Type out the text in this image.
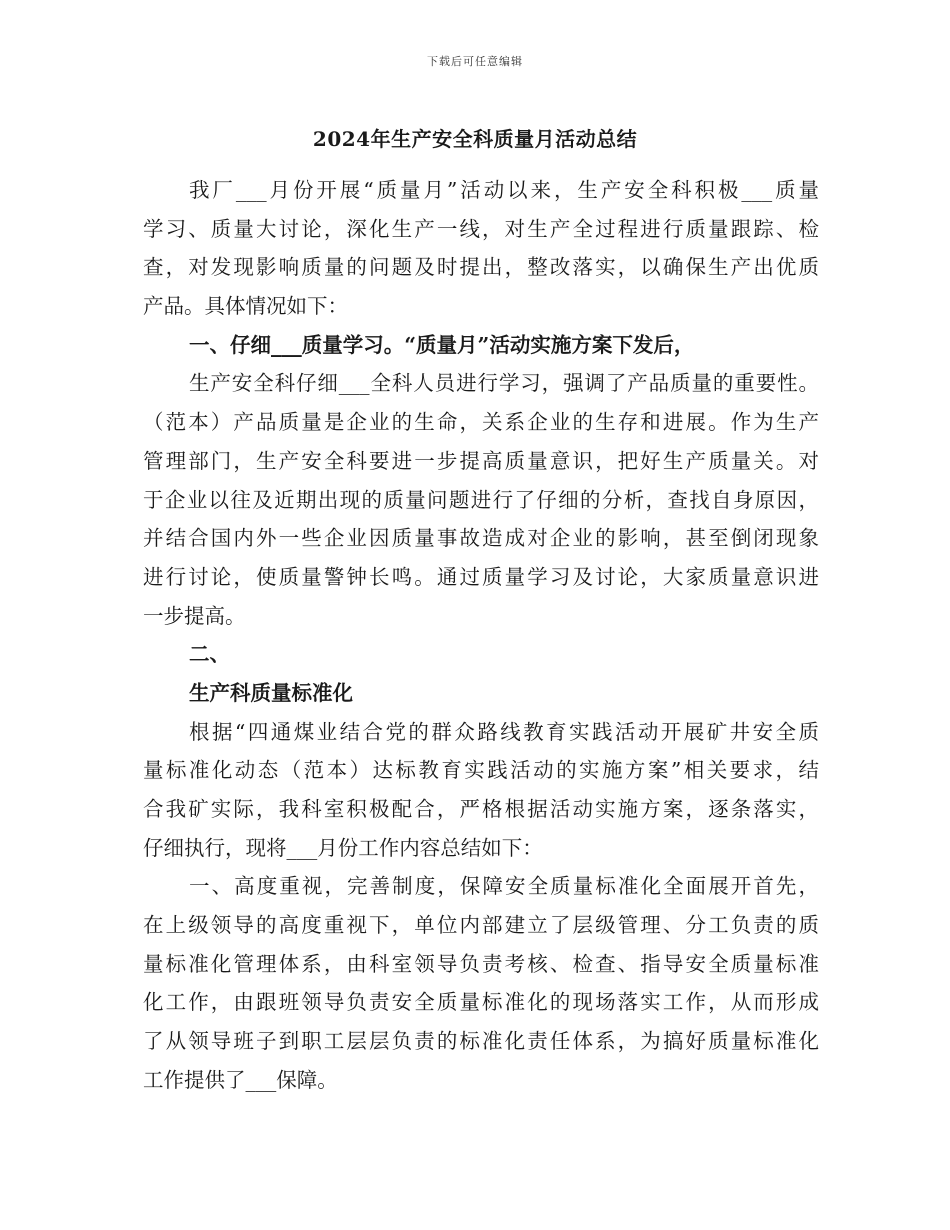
下载后可任意编辑
2024年生产安全科质量月活动总结
我厂___月份开展“质量月”活动以来，生产安全科积极___质量
学习、质量大讨论，深化生产一线，对生产全过程进行质量跟踪、检
查，对发现影响质量的问题及时提出，整改落实，以确保生产出优质
产品。具体情况如下：
一、仔细___质量学习。“质量月”活动实施方案下发后，
生产安全科仔细___全科人员进行学习，强调了产品质量的重要性。
（范本）产品质量是企业的生命，关系企业的生存和进展。作为生产
管理部门，生产安全科要进一步提高质量意识，把好生产质量关。对
于企业以往及近期出现的质量问题进行了仔细的分析，查找自身原因，
并结合国内外一些企业因质量事故造成对企业的影响，甚至倒闭现象
进行讨论，使质量警钟长鸣。通过质量学习及讨论，大家质量意识进
一步提高。
二、
生产科质量标准化
根据“四通煤业结合党的群众路线教育实践活动开展矿井安全质
量标准化动态（范本）达标教育实践活动的实施方案”相关要求，结
合我矿实际，我科室积极配合，严格根据活动实施方案，逐条落实，
仔细执行，现将___月份工作内容总结如下：
一、高度重视，完善制度，保障安全质量标准化全面展开首先，
在上级领导的高度重视下，单位内部建立了层级管理、分工负责的质
量标准化管理体系，由科室领导负责考核、检查、指导安全质量标准
化工作，由跟班领导负责安全质量标准化的现场落实工作，从而形成
了从领导班子到职工层层负责的标准化责任体系，为搞好质量标准化
工作提供了___保障。
